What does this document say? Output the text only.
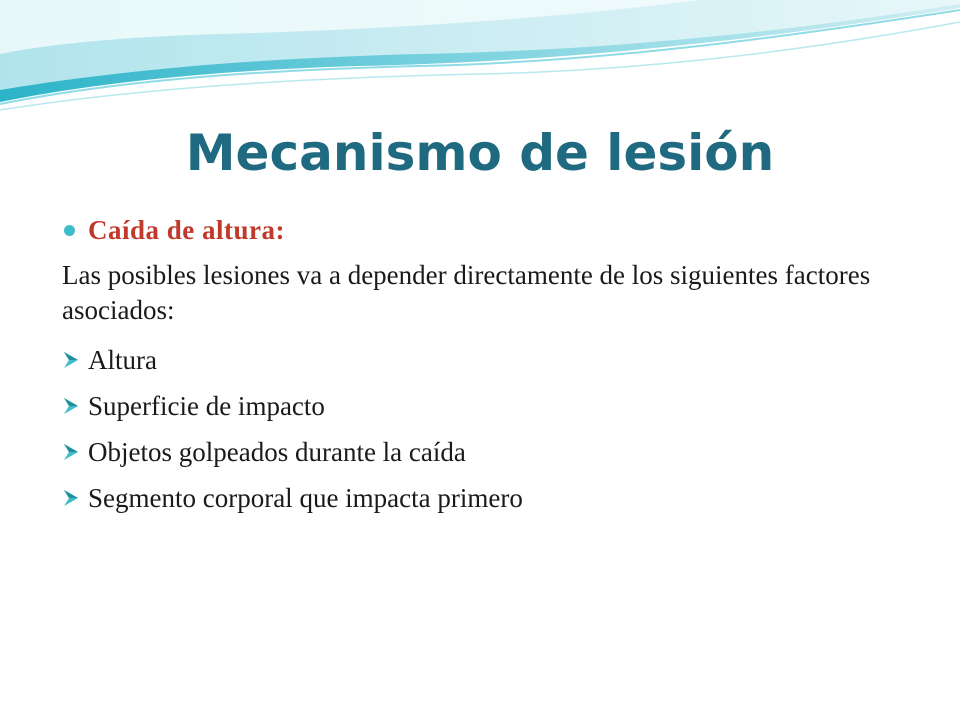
Mecanismo de lesión
Caída de altura:
Las posibles lesiones va a depender directamente de los siguientes factores asociados:
Altura
Superficie de impacto
Objetos golpeados durante la caída
Segmento corporal que impacta primero
